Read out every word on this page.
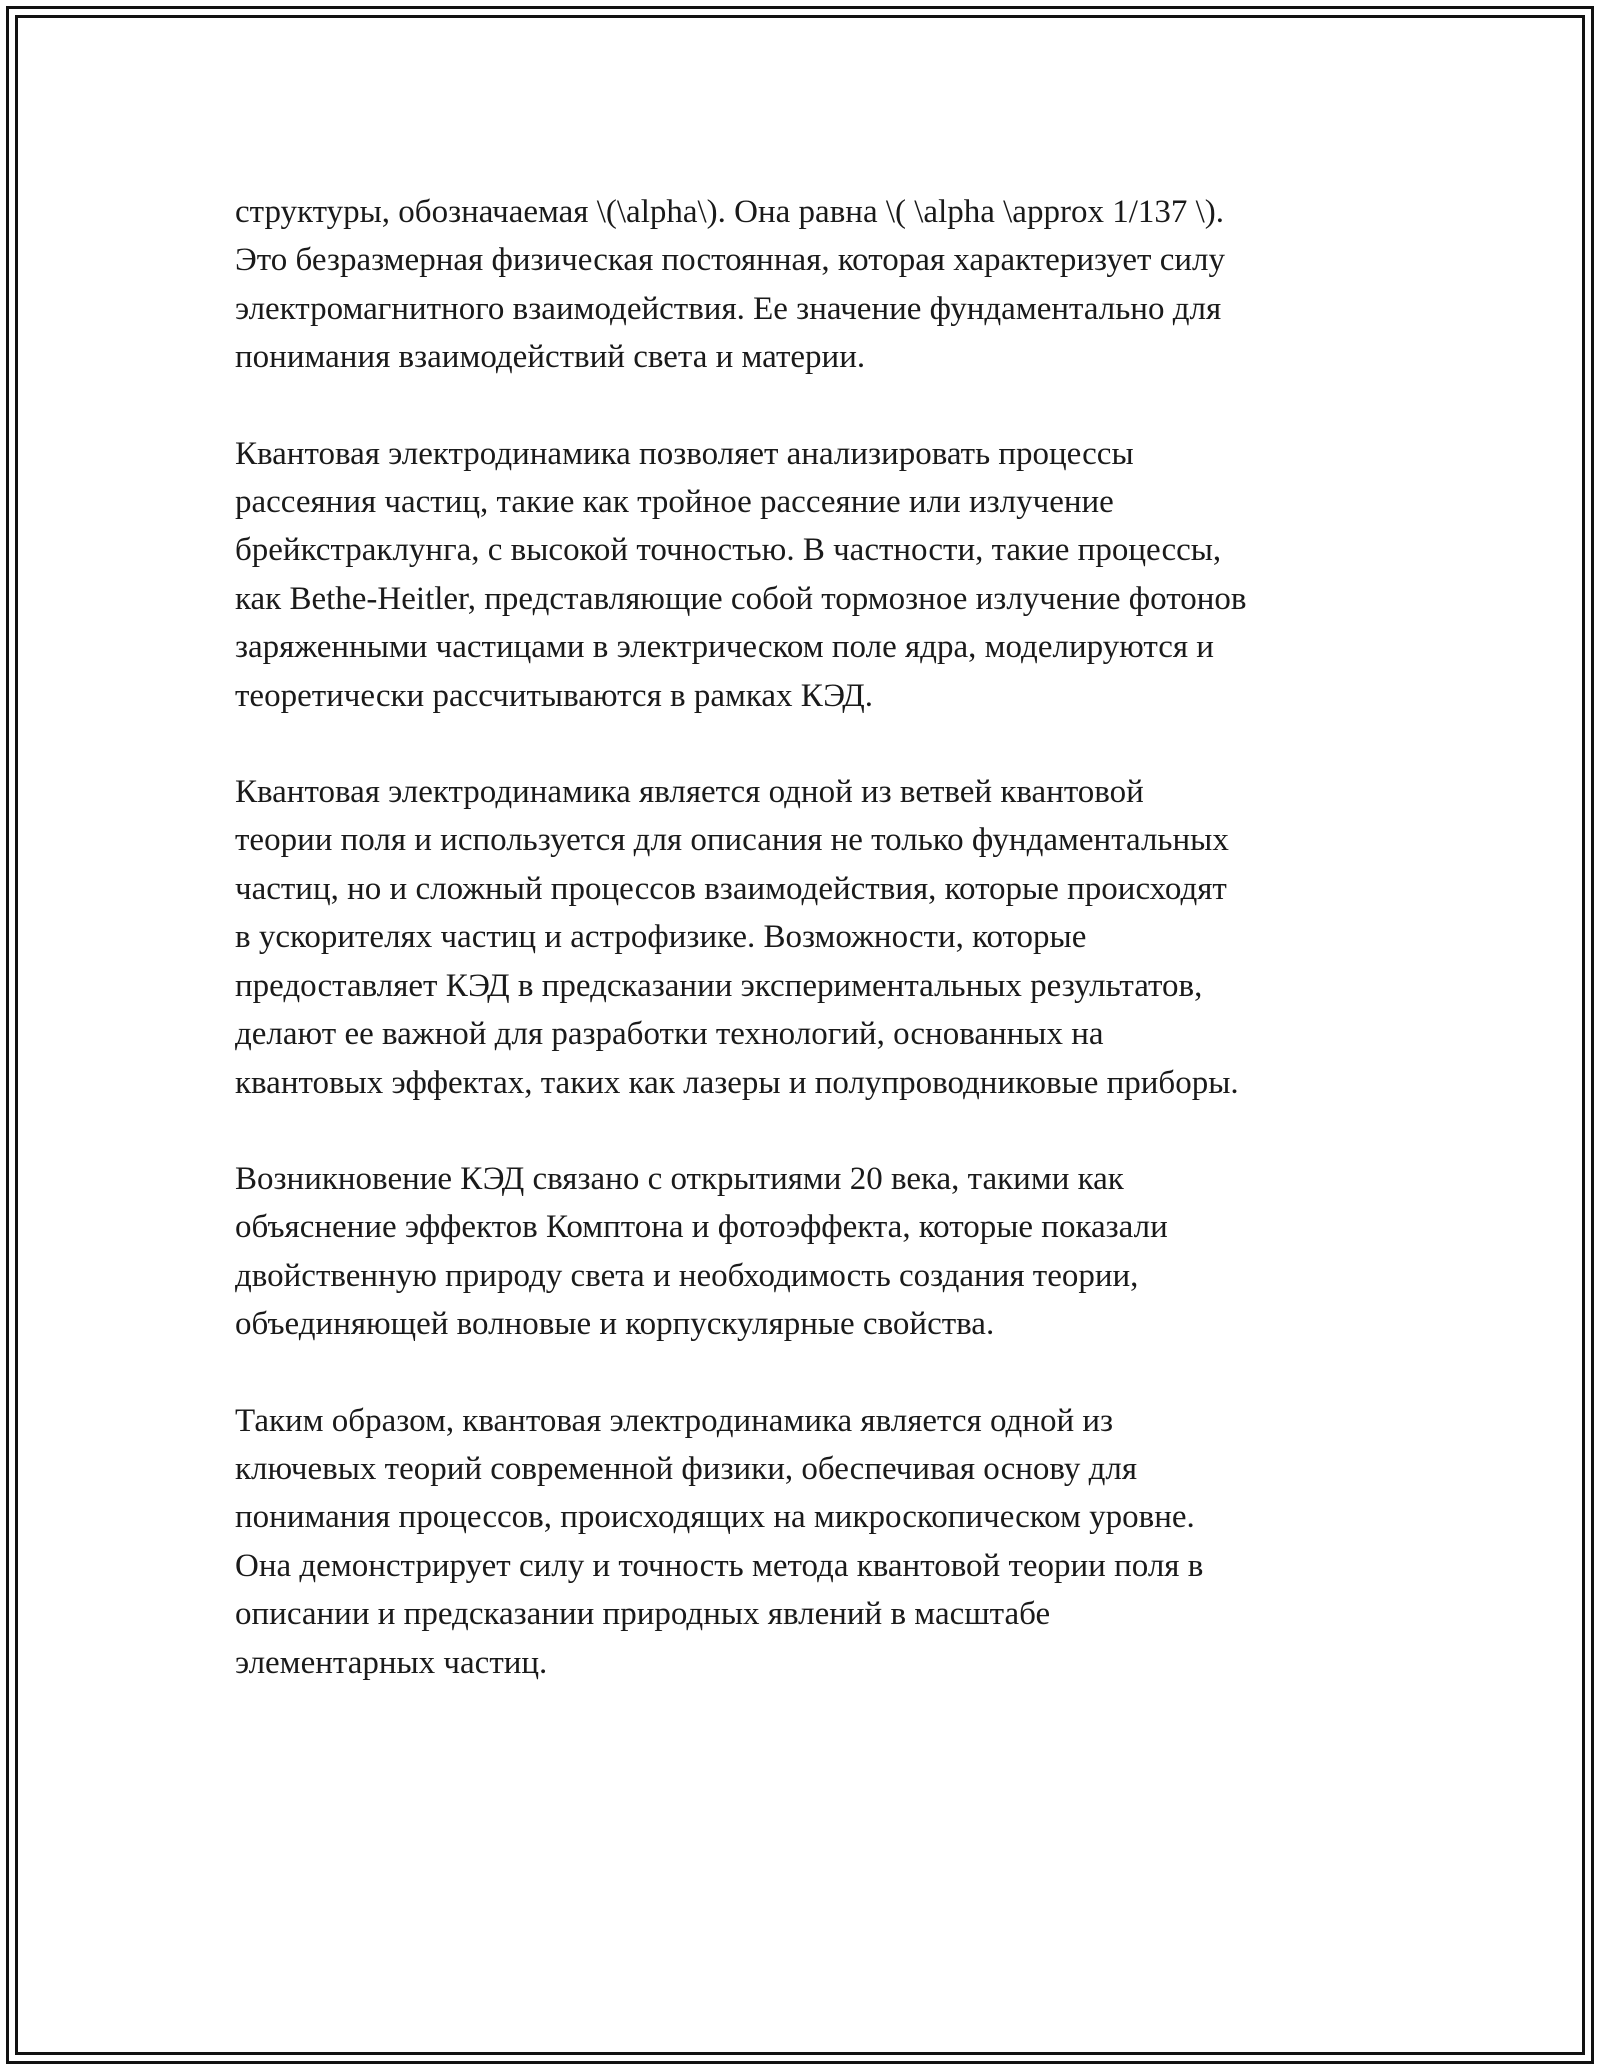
структуры, обозначаемая \(\alpha\). Она равна \( \alpha \approx 1/137 \).
Это безразмерная физическая постоянная, которая характеризует силу
электромагнитного взаимодействия. Ее значение фундаментально для
понимания взаимодействий света и материи.

Квантовая электродинамика позволяет анализировать процессы
рассеяния частиц, такие как тройное рассеяние или излучение
брейкстраклунга, с высокой точностью. В частности, такие процессы,
как Bethe-Heitler, представляющие собой тормозное излучение фотонов
заряженными частицами в электрическом поле ядра, моделируются и
теоретически рассчитываются в рамках КЭД.

Квантовая электродинамика является одной из ветвей квантовой
теории поля и используется для описания не только фундаментальных
частиц, но и сложный процессов взаимодействия, которые происходят
в ускорителях частиц и астрофизике. Возможности, которые
предоставляет КЭД в предсказании экспериментальных результатов,
делают ее важной для разработки технологий, основанных на
квантовых эффектах, таких как лазеры и полупроводниковые приборы.

Возникновение КЭД связано с открытиями 20 века, такими как
объяснение эффектов Комптона и фотоэффекта, которые показали
двойственную природу света и необходимость создания теории,
объединяющей волновые и корпускулярные свойства.

Таким образом, квантовая электродинамика является одной из
ключевых теорий современной физики, обеспечивая основу для
понимания процессов, происходящих на микроскопическом уровне.
Она демонстрирует силу и точность метода квантовой теории поля в
описании и предсказании природных явлений в масштабе
элементарных частиц.
